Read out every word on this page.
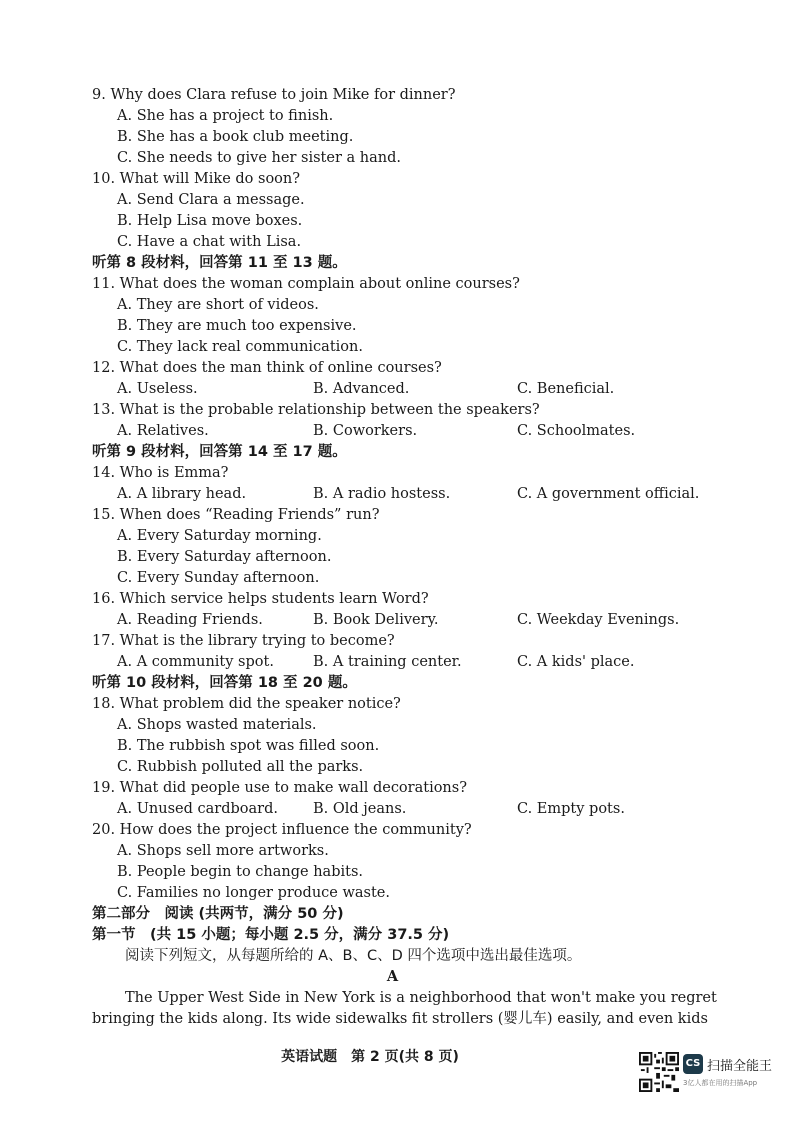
9. Why does Clara refuse to join Mike for dinner?
A. She has a project to finish.
B. She has a book club meeting.
C. She needs to give her sister a hand.
10. What will Mike do soon?
A. Send Clara a message.
B. Help Lisa move boxes.
C. Have a chat with Lisa.
听第 8 段材料，回答第 11 至 13 题。
11. What does the woman complain about online courses?
A. They are short of videos.
B. They are much too expensive.
C. They lack real communication.
12. What does the man think of online courses?
A. Useless.	B. Advanced.	C. Beneficial.
13. What is the probable relationship between the speakers?
A. Relatives.	B. Coworkers.	C. Schoolmates.
听第 9 段材料，回答第 14 至 17 题。
14. Who is Emma?
A. A library head.	B. A radio hostess.	C. A government official.
15. When does “Reading Friends” run?
A. Every Saturday morning.
B. Every Saturday afternoon.
C. Every Sunday afternoon.
16. Which service helps students learn Word?
A. Reading Friends.	B. Book Delivery.	C. Weekday Evenings.
17. What is the library trying to become?
A. A community spot.	B. A training center.	C. A kids' place.
听第 10 段材料，回答第 18 至 20 题。
18. What problem did the speaker notice?
A. Shops wasted materials.
B. The rubbish spot was filled soon.
C. Rubbish polluted all the parks.
19. What did people use to make wall decorations?
A. Unused cardboard. B. Old jeans.	C. Empty pots.
20. How does the project influence the community?
A. Shops sell more artworks.
B. People begin to change habits.
C. Families no longer produce waste.
第二部分　阅读 (共两节，满分 50 分)
第一节　(共 15 小题；每小题 2.5 分，满分 37.5 分)
阅读下列短文，从每题所给的 A、B、C、D 四个选项中选出最佳选项。
A
The Upper West Side in New York is a neighborhood that won't make you regret
bringing the kids along. Its wide sidewalks fit strollers (婴儿车) easily, and even kids
英语试题　第 2 页(共 8 页)	CS 扫描全能王
3亿人都在用的扫描App
